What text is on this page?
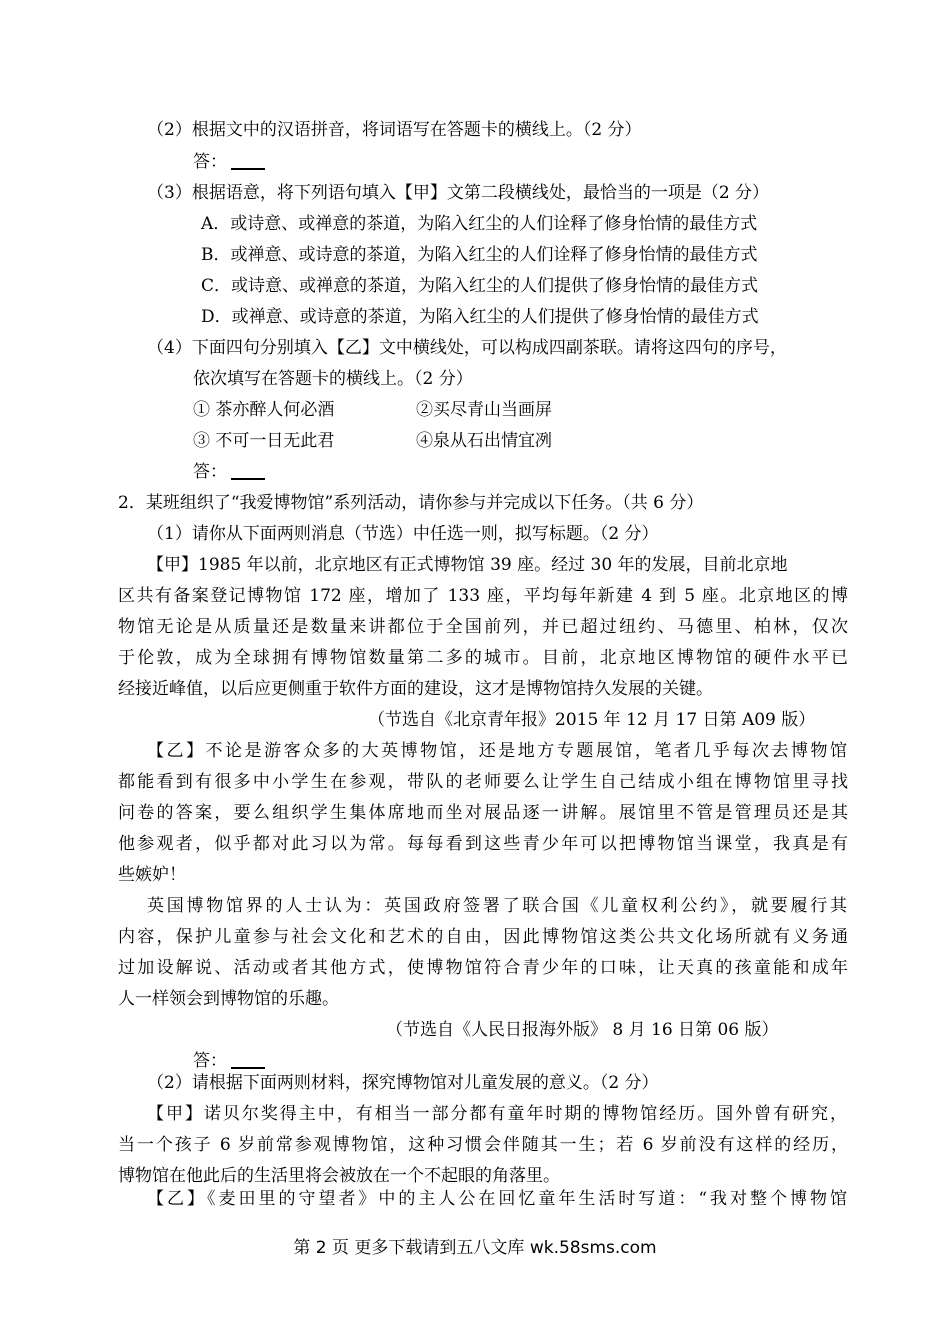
（2）根据文中的汉语拼音，将词语写在答题卡的横线上。（2 分）
答：
（3）根据语意，将下列语句填入【甲】文第二段横线处，最恰当的一项是（2 分）
A．或诗意、或禅意的茶道，为陷入红尘的人们诠释了修身怡情的最佳方式
B．或禅意、或诗意的茶道，为陷入红尘的人们诠释了修身怡情的最佳方式
C．或诗意、或禅意的茶道，为陷入红尘的人们提供了修身怡情的最佳方式
D．或禅意、或诗意的茶道，为陷入红尘的人们提供了修身怡情的最佳方式
（4）下面四句分别填入【乙】文中横线处，可以构成四副茶联。请将这四句的序号，
依次填写在答题卡的横线上。（2 分）
① 茶亦醉人何必酒	②买尽青山当画屏
③ 不可一日无此君	④泉从石出情宜冽
答：
2．某班组织了“我爱博物馆”系列活动，请你参与并完成以下任务。（共 6 分）
（1）请你从下面两则消息（节选）中任选一则，拟写标题。（2 分）
【甲】1985 年以前，北京地区有正式博物馆 39 座。经过 30 年的发展，目前北京地
区共有备案登记博物馆 172 座，增加了 133 座，平均每年新建 4 到 5 座。北京地区的博
物馆无论是从质量还是数量来讲都位于全国前列，并已超过纽约、马德里、柏林，仅次
于伦敦，成为全球拥有博物馆数量第二多的城市。目前，北京地区博物馆的硬件水平已
经接近峰值，以后应更侧重于软件方面的建设，这才是博物馆持久发展的关键。
（节选自《北京青年报》2015 年 12 月 17 日第 A09 版）
【乙】不论是游客众多的大英博物馆，还是地方专题展馆，笔者几乎每次去博物馆
都能看到有很多中小学生在参观，带队的老师要么让学生自己结成小组在博物馆里寻找
问卷的答案，要么组织学生集体席地而坐对展品逐一讲解。展馆里不管是管理员还是其
他参观者，似乎都对此习以为常。每每看到这些青少年可以把博物馆当课堂，我真是有
些嫉妒！
英国博物馆界的人士认为：英国政府签署了联合国《儿童权利公约》，就要履行其
内容，保护儿童参与社会文化和艺术的自由，因此博物馆这类公共文化场所就有义务通
过加设解说、活动或者其他方式，使博物馆符合青少年的口味，让天真的孩童能和成年
人一样领会到博物馆的乐趣。
（节选自《人民日报海外版》 8 月 16 日第 06 版）
答：
（2）请根据下面两则材料，探究博物馆对儿童发展的意义。（2 分）
【甲】诺贝尔奖得主中，有相当一部分都有童年时期的博物馆经历。国外曾有研究，
当一个孩子 6 岁前常参观博物馆，这种习惯会伴随其一生；若 6 岁前没有这样的经历，
博物馆在他此后的生活里将会被放在一个不起眼的角落里。
【乙】《麦田里的守望者》中的主人公在回忆童年生活时写道：“我对整个博物馆
第 2 页 更多下载请到五八文库 wk.58sms.com
